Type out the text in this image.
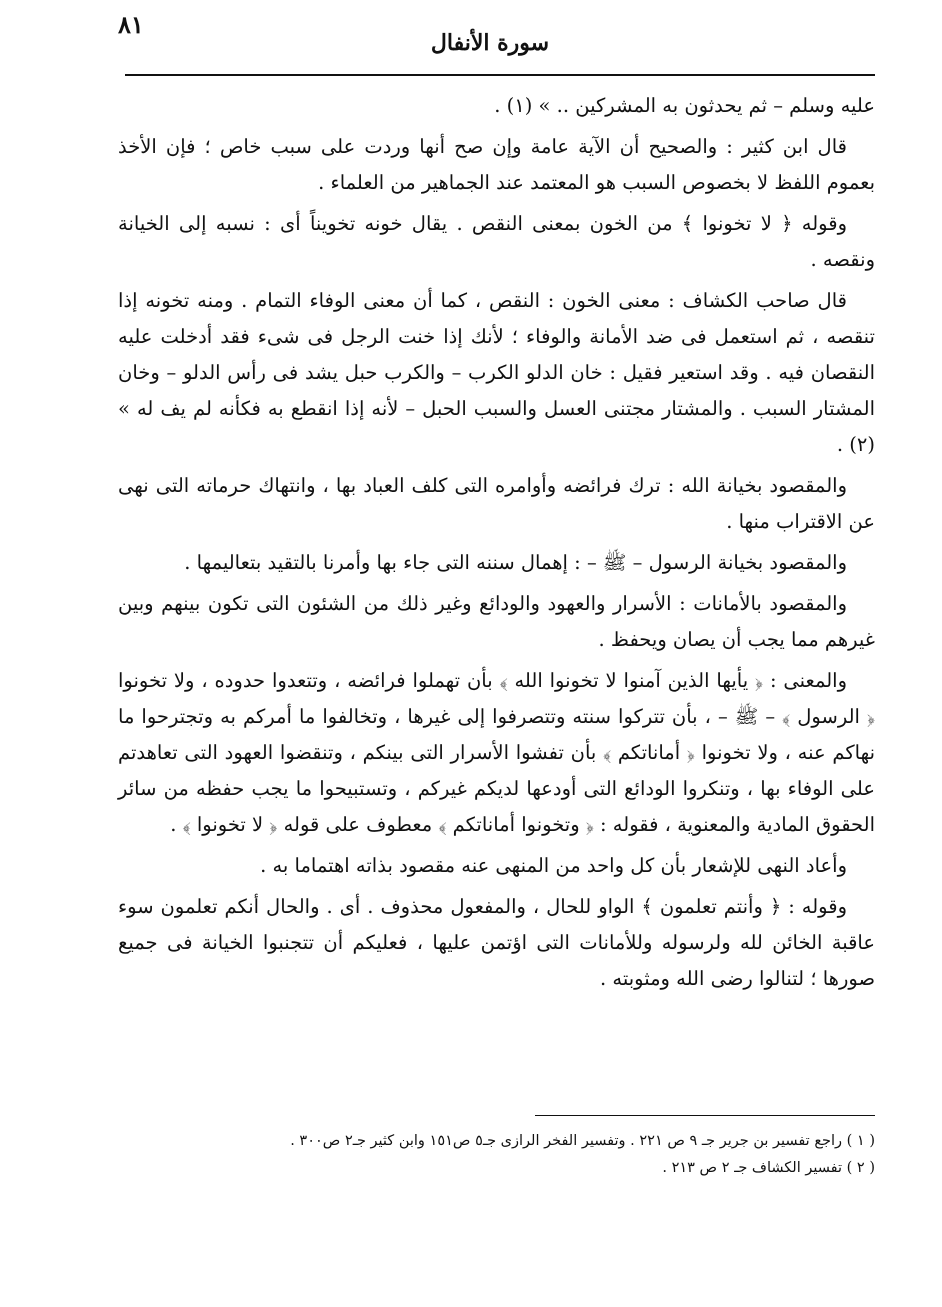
٨١
سورة الأنفال

عليه وسلم – ثم يحدثون به المشركين .. » (١) .

قال ابن كثير : والصحيح أن الآية عامة وإن صح أنها وردت على سبب خاص ؛ فإن الأخذ بعموم اللفظ لا بخصوص السبب هو المعتمد عند الجماهير من العلماء .

وقوله ﴿ لا تخونوا ﴾ من الخون بمعنى النقص . يقال خونه تخويناً أى : نسبه إلى الخيانة ونقصه .

قال صاحب الكشاف : معنى الخون : النقص ، كما أن معنى الوفاء التمام . ومنه تخونه إذا تنقصه ، ثم استعمل فى ضد الأمانة والوفاء ؛ لأنك إذا خنت الرجل فى شىء فقد أدخلت عليه النقصان فيه . وقد استعير فقيل : خان الدلو الكرب – والكرب حبل يشد فى رأس الدلو – وخان المشتار السبب . والمشتار مجتنى العسل والسبب الحبل – لأنه إذا انقطع به فكأنه لم يف له » (٢) .

والمقصود بخيانة الله : ترك فرائضه وأوامره التى كلف العباد بها ، وانتهاك حرماته التى نهى عن الاقتراب منها .

والمقصود بخيانة الرسول – ﷺ – : إهمال سننه التى جاء بها وأمرنا بالتقيد بتعاليمها .

والمقصود بالأمانات : الأسرار والعهود والودائع وغير ذلك من الشئون التى تكون بينهم وبين غيرهم مما يجب أن يصان ويحفظ .

والمعنى : ﴿ يأيها الذين آمنوا لا تخونوا الله ﴾ بأن تهملوا فرائضه ، وتتعدوا حدوده ، ولا تخونوا ﴿ الرسول ﴾ – ﷺ – ، بأن تتركوا سنته وتتصرفوا إلى غيرها ، وتخالفوا ما أمركم به وتجترحوا ما نهاكم عنه ، ولا تخونوا ﴿ أماناتكم ﴾ بأن تفشوا الأسرار التى بينكم ، وتنقضوا العهود التى تعاهدتم على الوفاء بها ، وتنكروا الودائع التى أودعها لديكم غيركم ، وتستبيحوا ما يجب حفظه من سائر الحقوق المادية والمعنوية ، فقوله : ﴿ وتخونوا أماناتكم ﴾ معطوف على قوله ﴿ لا تخونوا ﴾ .

وأعاد النهى للإشعار بأن كل واحد من المنهى عنه مقصود بذاته اهتماما به .

وقوله : ﴿ وأنتم تعلمون ﴾ الواو للحال ، والمفعول محذوف . أى . والحال أنكم تعلمون سوء عاقبة الخائن لله ولرسوله وللأمانات التى اؤتمن عليها ، فعليكم أن تتجنبوا الخيانة فى جميع صورها ؛ لتنالوا رضى الله ومثوبته .

( ١ ) راجع تفسير بن جرير جـ ٩ ص ٢٢١ . وتفسير الفخر الرازى جـ٥ ص١٥١ وابن كثير جـ٢ ص٣٠٠ .

( ٢ ) تفسير الكشاف جـ ٢ ص ٢١٣ .
